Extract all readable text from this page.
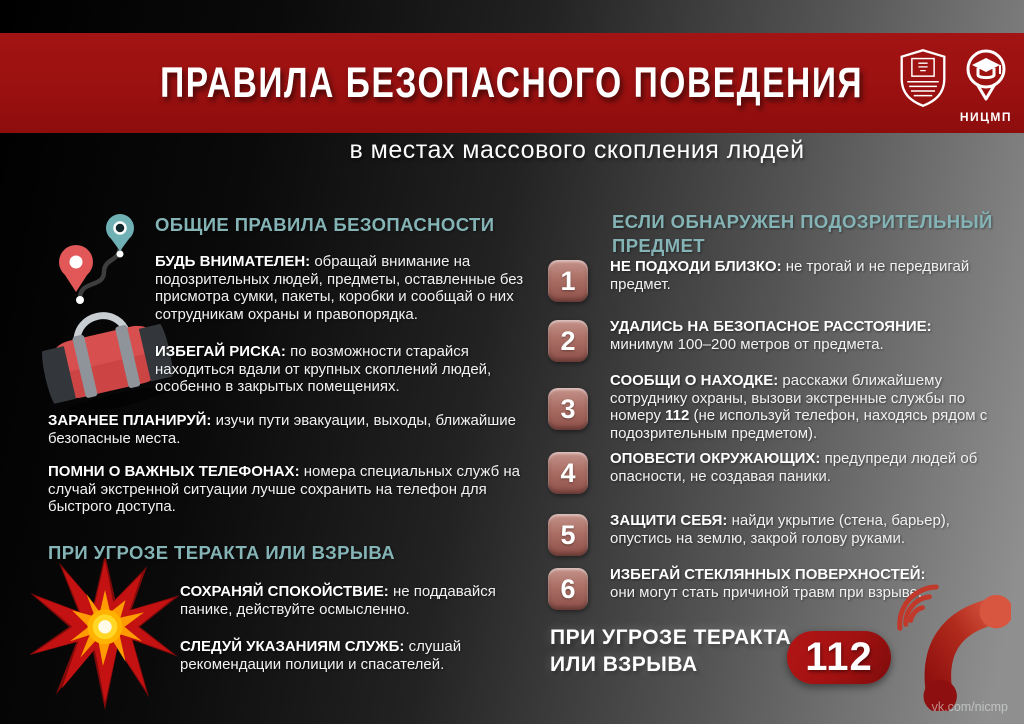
ПРАВИЛА БЕЗОПАСНОГО ПОВЕДЕНИЯ
НИЦМП
в местах массового скопления людей
ОБЩИЕ ПРАВИЛА БЕЗОПАСНОСТИ

БУДЬ ВНИМАТЕЛЕН: обращай внимание на подозрительных людей, предметы, оставленные без присмотра сумки, пакеты, коробки и сообщай о них сотрудникам охраны и правопорядка.

ИЗБЕГАЙ РИСКА: по возможности старайся находиться вдали от крупных скоплений людей, особенно в закрытых помещениях.

ЗАРАНЕЕ ПЛАНИРУЙ: изучи пути эвакуации, выходы, ближайшие безопасные места.

ПОМНИ О ВАЖНЫХ ТЕЛЕФОНАХ: номера специальных служб на случай экстренной ситуации лучше сохранить на телефон для быстрого доступа.

ПРИ УГРОЗЕ ТЕРАКТА ИЛИ ВЗРЫВА

СОХРАНЯЙ СПОКОЙСТВИЕ: не поддавайся панике, действуйте осмысленно.

СЛЕДУЙ УКАЗАНИЯМ СЛУЖБ: слушай рекомендации полиции и спасателей.

ЕСЛИ ОБНАРУЖЕН ПОДОЗРИТЕЛЬНЫЙ ПРЕДМЕТ
1 НЕ ПОДХОДИ БЛИЗКО: не трогай и не передвигай предмет.

2 УДАЛИСЬ НА БЕЗОПАСНОЕ РАССТОЯНИЕ:
минимум 100–200 метров от предмета.

3

СООБЩИ О НАХОДКЕ: расскажи ближайшему сотруднику охраны, вызови экстренные службы по номеру 112 (не используй телефон, находясь рядом с подозрительным предметом).

4 ОПОВЕСТИ ОКРУЖАЮЩИХ: предупреди людей об опасности, не создавая паники.

5 ЗАЩИТИ СЕБЯ: найди укрытие (стена, барьер), опустись на землю, закрой голову руками.

6 ИЗБЕГАЙ СТЕКЛЯННЫХ ПОВЕРХНОСТЕЙ:
они могут стать причиной травм при взрыве.

ПРИ УГРОЗЕ ТЕРАКТА
ИЛИ ВЗРЫВА	112
vk.com/nicmp
